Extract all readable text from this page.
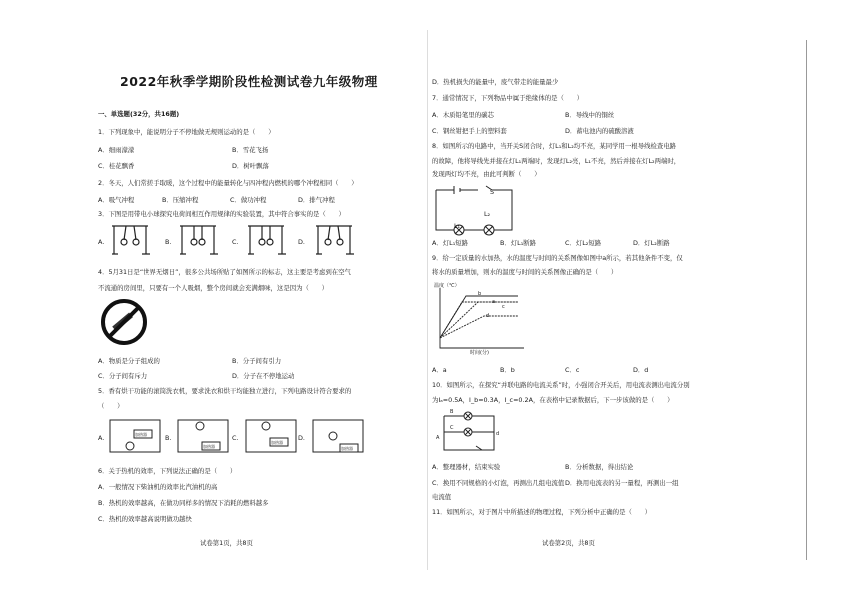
2022年秋季学期阶段性检测试卷九年级物理
一、单选题(32分，共16题)
1．下列现象中，能说明分子不停地做无规则运动的是（　　）
A．细雨濛濛	B．雪花飞扬
C．桂花飘香	D．树叶飘落
2．冬天，人们常搓手取暖，这个过程中的能量转化与四冲程内燃机的哪个冲程相同（　　）
A．吸气冲程	B．压缩冲程	C．做功冲程	D．排气冲程
3．下图是用带电小球探究电荷间相互作用规律的实验装置，其中符合事实的是（　　）
A.	B.	C.	D.
4．5月31日是“世界无烟日”，很多公共场所贴了如图所示的标志，这主要是考虑到在空气
不流通的房间里，只要有一个人吸烟，整个房间就会充满烟味，这是因为（　　）
A．物质是分子组成的	B．分子间有引力
C．分子间有斥力	D．分子在不停地运动
5．香有烘干功能的滚筒洗衣机，要求洗衣和烘干均能独立进行，下列电路设计符合要求的
（　　）
A.	B.	C.	D.
加热器
加热器
加热器
加热器
6．关于热机的效率，下列说法正确的是（　　）
A．一般情况下柴油机的效率比汽油机的高
B．热机的效率越高，在做功同样多的情况下消耗的燃料越多
C．热机的效率越高说明做功越快
试卷第1页，共8页
D．热机损失的能量中，废气带走的能量最少
7．通常情况下，下列物品中属于绝缘体的是（　　）
A．木质铅笔里的碳芯	B．导线中的铜丝
C．钢丝钳把手上的塑料套	D．蓄电池内的硫酸溶液
8．如图所示的电路中，当开关S闭合时，灯L₁和L₂均不亮，某同学用一根导线检查电路
的故障，他将导线先并接在灯L₁两端时，发现灯L₂亮，L₁不亮，然后并接在灯L₂两端时，
发现两灯均不亮，由此可判断（　　）
L₁
L₂
S
A．灯L₁短路	B．灯L₁断路	C．灯L₂短路	D．灯L₂断路
9．给一定质量的水加热，水的温度与时间的关系图像如图中a所示，若其他条件不变，仅
将水的质量增加，则水的温度与时间的关系图像正确的是（　　）
温度（℃）
b
a
c
d
时间(分)
A．a	B．b	C．c	D．d
10．如图所示，在探究“并联电路的电流关系”时，小强闭合开关后，用电流表测出电流分别
为Iₐ=0.5A，I_b=0.3A，I_c=0.2A，在表格中记录数据后，下一步该做的是（　　）
B
C
A
d
A．整理器材，结束实验	B．分析数据，得出结论
C．换用不同规格的小灯泡，再测出几组电流值 D．换用电流表的另一量程，再测出一组
电流值
11．如图所示，对于图片中所描述的物理过程，下列分析中正确的是（　　）
试卷第2页，共8页
